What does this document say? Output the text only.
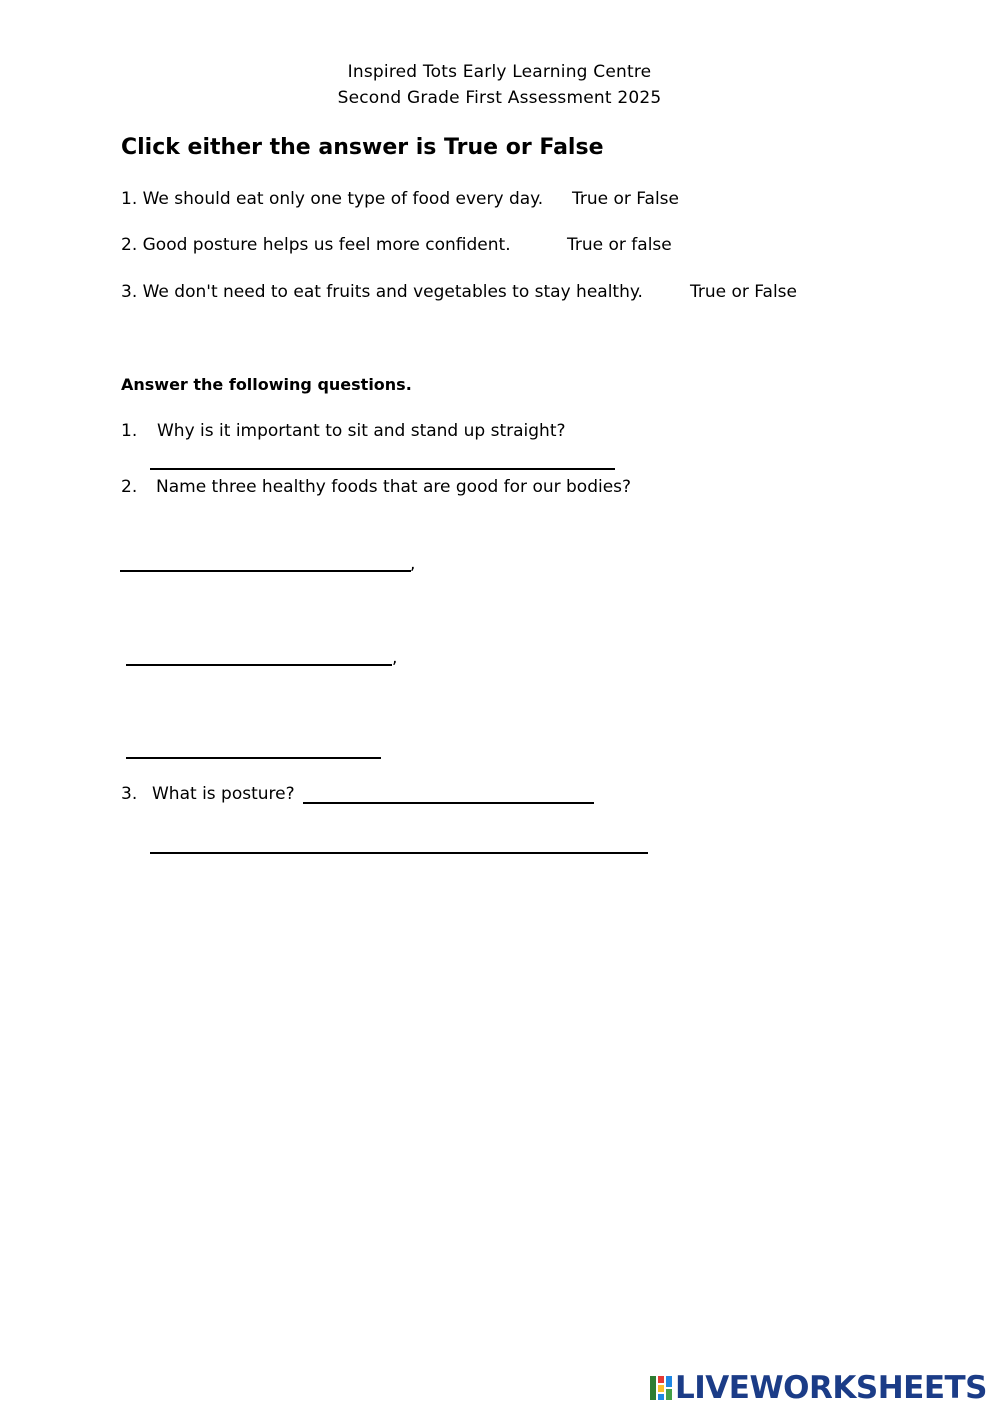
Inspired Tots Early Learning Centre
Second Grade First Assessment 2025
Click either the answer is True or False
1. We should eat only one type of food every day. True or False
2. Good posture helps us feel more confident.	True or false
3. We don't need to eat fruits and vegetables to stay healthy.	True or False
Answer the following questions.
1. Why is it important to sit and stand up straight?
2. Name three healthy foods that are good for our bodies?
,
,
3. What is posture?
LIVEWORKSHEETS
